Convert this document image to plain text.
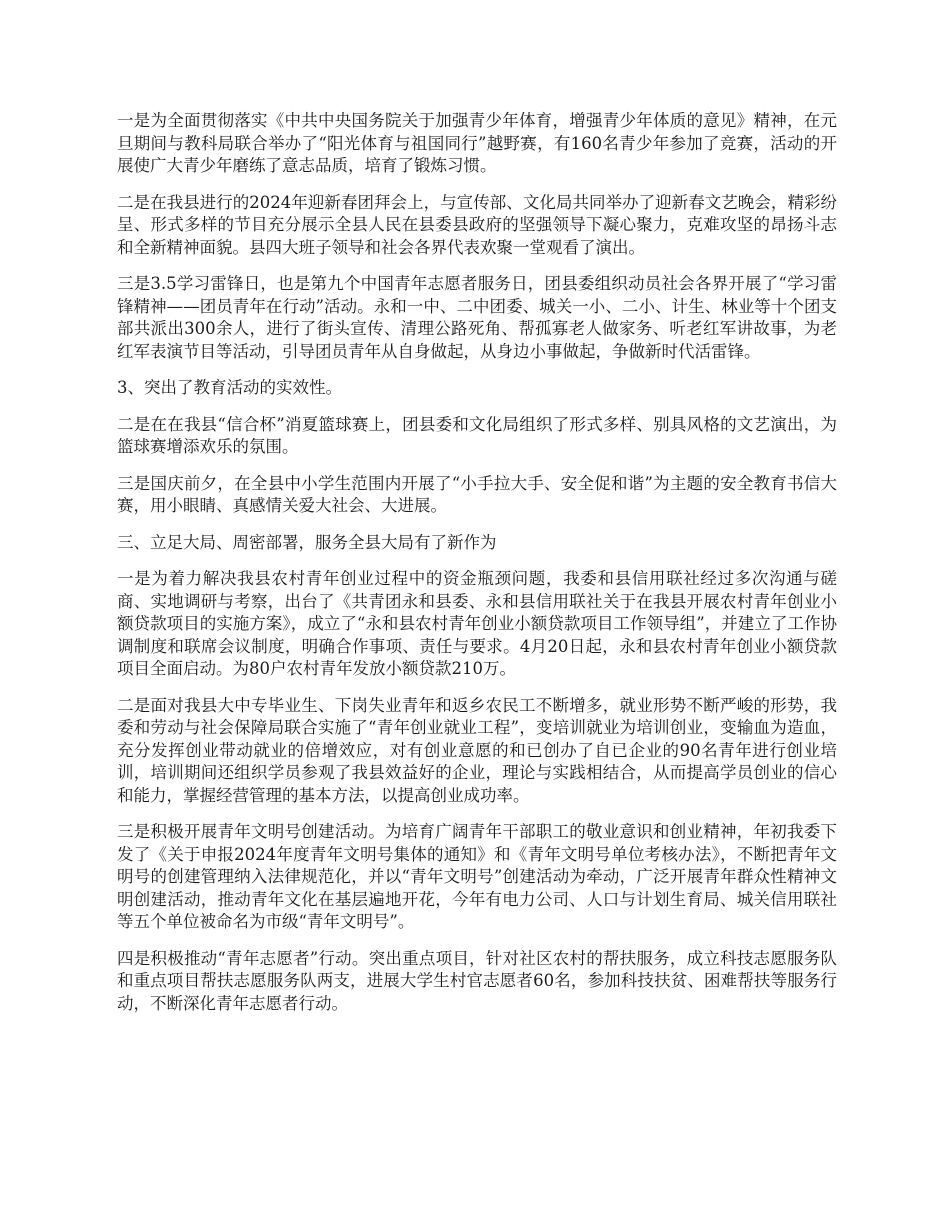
一是为全面贯彻落实《中共中央国务院关于加强青少年体育，增强青少年体质的意见》精神，在元旦期间与教科局联合举办了“阳光体育与祖国同行”越野赛，有160名青少年参加了竞赛，活动的开展使广大青少年磨练了意志品质，培育了锻炼习惯。

二是在我县进行的2024年迎新春团拜会上，与宣传部、文化局共同举办了迎新春文艺晚会，精彩纷呈、形式多样的节目充分展示全县人民在县委县政府的坚强领导下凝心聚力，克难攻坚的昂扬斗志和全新精神面貌。县四大班子领导和社会各界代表欢聚一堂观看了演出。

三是3.5学习雷锋日，也是第九个中国青年志愿者服务日，团县委组织动员社会各界开展了“学习雷锋精神——团员青年在行动”活动。永和一中、二中团委、城关一小、二小、计生、林业等十个团支部共派出300余人，进行了街头宣传、清理公路死角、帮孤寡老人做家务、听老红军讲故事，为老红军表演节目等活动，引导团员青年从自身做起，从身边小事做起，争做新时代活雷锋。

3、突出了教育活动的实效性。

二是在在我县“信合杯”消夏篮球赛上，团县委和文化局组织了形式多样、别具风格的文艺演出，为篮球赛增添欢乐的氛围。

三是国庆前夕，在全县中小学生范围内开展了“小手拉大手、安全促和谐”为主题的安全教育书信大赛，用小眼睛、真感情关爱大社会、大进展。

三、立足大局、周密部署，服务全县大局有了新作为

一是为着力解决我县农村青年创业过程中的资金瓶颈问题，我委和县信用联社经过多次沟通与磋商、实地调研与考察，出台了《共青团永和县委、永和县信用联社关于在我县开展农村青年创业小额贷款项目的实施方案》，成立了“永和县农村青年创业小额贷款项目工作领导组”，并建立了工作协调制度和联席会议制度，明确合作事项、责任与要求。4月20日起，永和县农村青年创业小额贷款项目全面启动。为80户农村青年发放小额贷款210万。

二是面对我县大中专毕业生、下岗失业青年和返乡农民工不断增多，就业形势不断严峻的形势，我委和劳动与社会保障局联合实施了“青年创业就业工程”，变培训就业为培训创业，变输血为造血，充分发挥创业带动就业的倍增效应，对有创业意愿的和已创办了自已企业的90名青年进行创业培训，培训期间还组织学员参观了我县效益好的企业，理论与实践相结合，从而提高学员创业的信心和能力，掌握经营管理的基本方法，以提高创业成功率。

三是积极开展青年文明号创建活动。为培育广阔青年干部职工的敬业意识和创业精神，年初我委下发了《关于申报2024年度青年文明号集体的通知》和《青年文明号单位考核办法》，不断把青年文明号的创建管理纳入法律规范化，并以“青年文明号”创建活动为牵动，广泛开展青年群众性精神文明创建活动，推动青年文化在基层遍地开花，今年有电力公司、人口与计划生育局、城关信用联社等五个单位被命名为市级“青年文明号”。

四是积极推动“青年志愿者”行动。突出重点项目，针对社区农村的帮扶服务，成立科技志愿服务队和重点项目帮扶志愿服务队两支，进展大学生村官志愿者60名，参加科技扶贫、困难帮扶等服务行动，不断深化青年志愿者行动。
